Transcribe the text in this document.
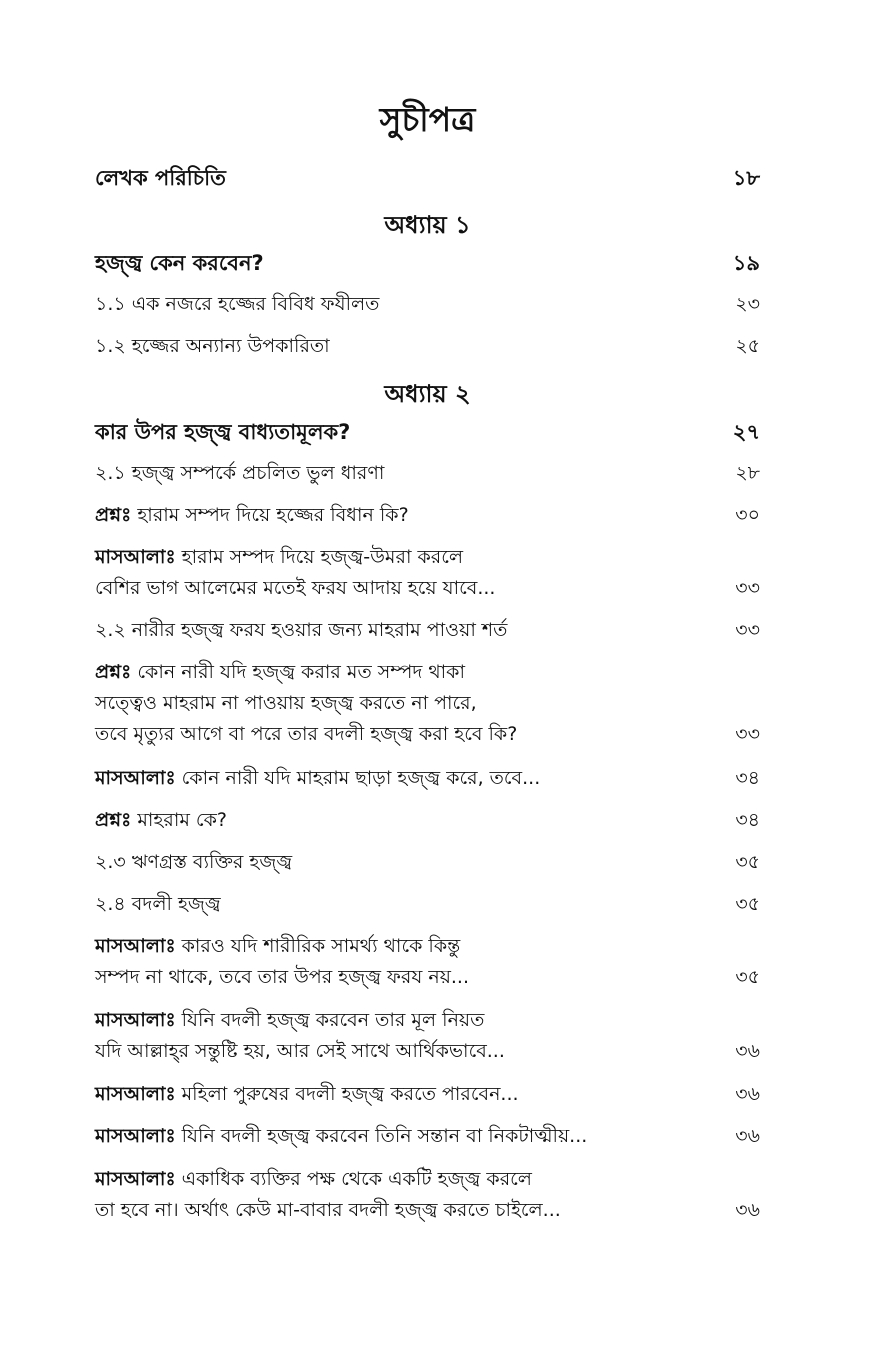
সুচীপত্র
লেখক পরিচিতি	১৮
অধ্যায় ১
হজ্জ্ব কেন করবেন?	১৯
১.১ এক নজরে হজ্জের বিবিধ ফযীলত	২৩
১.২ হজ্জের অন্যান্য উপকারিতা	২৫
অধ্যায় ২
কার উপর হজ্জ্ব বাধ্যতামূলক?	২৭
২.১ হজ্জ্ব সম্পর্কে প্রচলিত ভুল ধারণা	২৮
প্রশ্নঃ হারাম সম্পদ দিয়ে হজ্জের বিধান কি?	৩০
মাসআলাঃ হারাম সম্পদ দিয়ে হজ্জ্ব-উমরা করলে
বেশির ভাগ আলেমের মতেই ফরয আদায় হয়ে যাবে...	৩৩
২.২ নারীর হজ্জ্ব ফরয হওয়ার জন্য মাহরাম পাওয়া শর্ত	৩৩
প্রশ্নঃ কোন নারী যদি হজ্জ্ব করার মত সম্পদ থাকা
সত্ত্বেও মাহরাম না পাওয়ায় হজ্জ্ব করতে না পারে,
তবে মৃত্যুর আগে বা পরে তার বদলী হজ্জ্ব করা হবে কি?	৩৩
মাসআলাঃ কোন নারী যদি মাহরাম ছাড়া হজ্জ্ব করে, তবে...	৩৪
প্রশ্নঃ মাহরাম কে?	৩৪
২.৩ ঋণগ্রস্ত ব্যক্তির হজ্জ্ব	৩৫
২.৪ বদলী হজ্জ্ব	৩৫
মাসআলাঃ কারও যদি শারীরিক সামর্থ্য থাকে কিন্তু
সম্পদ না থাকে, তবে তার উপর হজ্জ্ব ফরয নয়...	৩৫
মাসআলাঃ যিনি বদলী হজ্জ্ব করবেন তার মূল নিয়ত
যদি আল্লাহ্‌র সন্তুষ্টি হয়, আর সেই সাথে আর্থিকভাবে...	৩৬
মাসআলাঃ মহিলা পুরুষের বদলী হজ্জ্ব করতে পারবেন...	৩৬
মাসআলাঃ যিনি বদলী হজ্জ্ব করবেন তিনি সন্তান বা নিকটাত্মীয়...	৩৬
মাসআলাঃ একাধিক ব্যক্তির পক্ষ থেকে একটি হজ্জ্ব করলে
তা হবে না। অর্থাৎ কেউ মা-বাবার বদলী হজ্জ্ব করতে চাইলে...	৩৬
